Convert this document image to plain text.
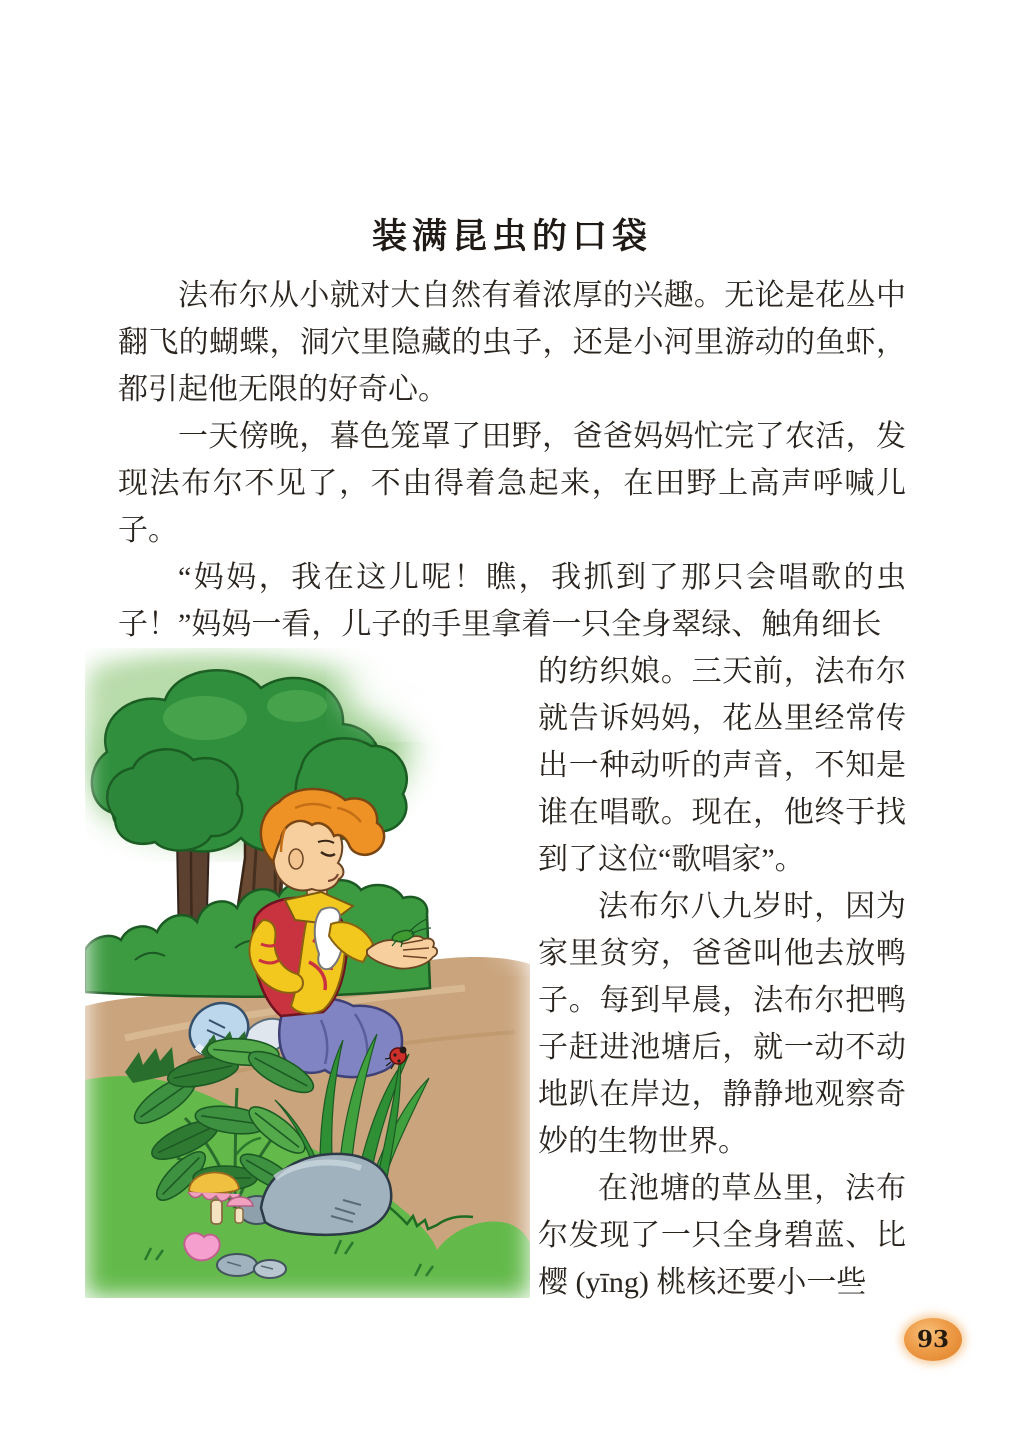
装满昆虫的口袋

法布尔从小就对大自然有着浓厚的兴趣。无论是花丛中翻飞的蝴蝶，洞穴里隐藏的虫子，还是小河里游动的鱼虾，都引起他无限的好奇心。

一天傍晚，暮色笼罩了田野，爸爸妈妈忙完了农活，发现法布尔不见了，不由得着急起来，在田野上高声呼喊儿子。

“妈妈，我在这儿呢！瞧，我抓到了那只会唱歌的虫子！”妈妈一看，儿子的手里拿着一只全身翠绿、触角细长

的纺织娘。三天前，法布尔就告诉妈妈，花丛里经常传出一种动听的声音，不知是谁在唱歌。现在，他终于找到了这位“歌唱家”。

法布尔八九岁时，因为家里贫穷，爸爸叫他去放鸭子。每到早晨，法布尔把鸭子赶进池塘后，就一动不动地趴在岸边，静静地观察奇妙的生物世界。

在池塘的草丛里，法布尔发现了一只全身碧蓝、比樱 (yīng) 桃核还要小一些

93
